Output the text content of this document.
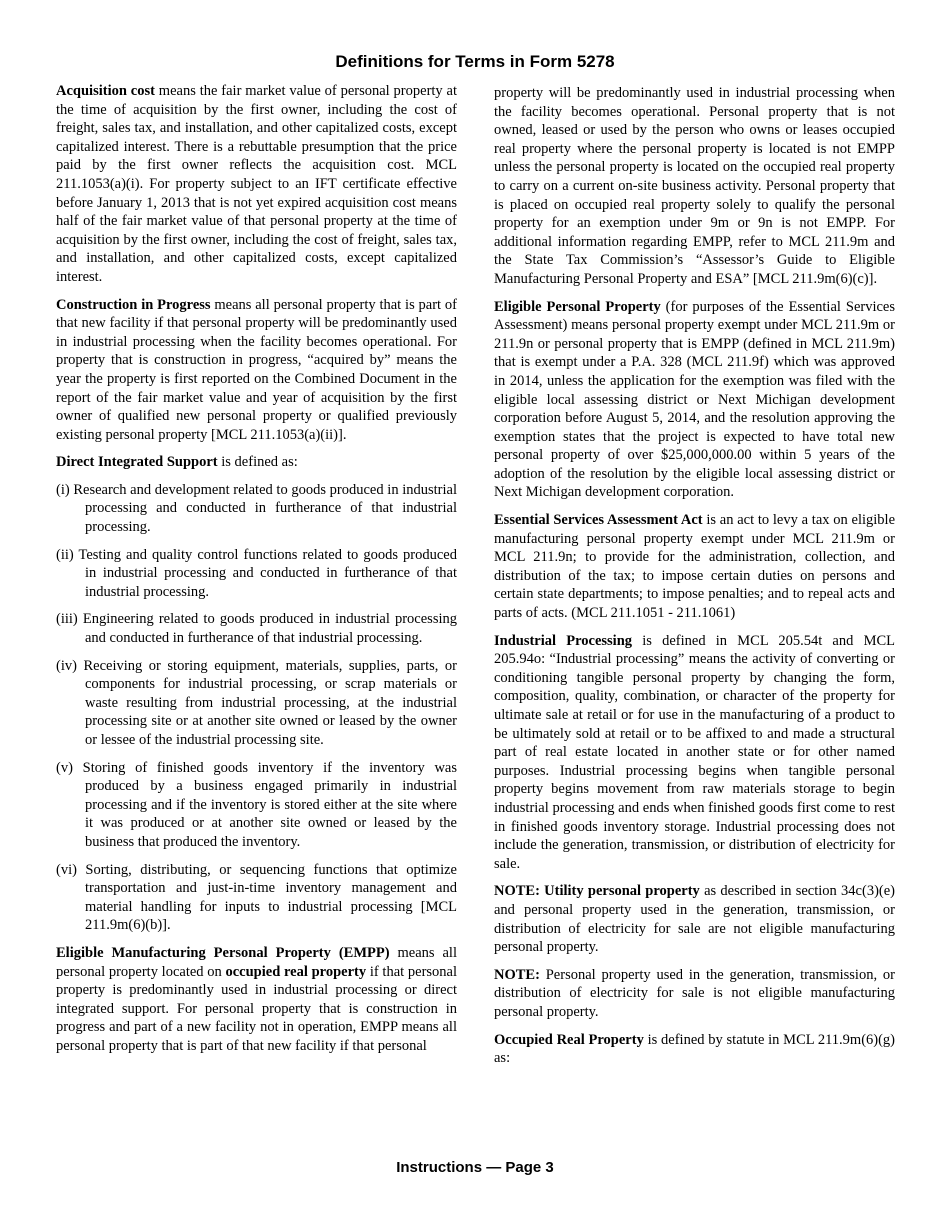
Definitions for Terms in Form 5278

Acquisition cost means the fair market value of personal property at the time of acquisition by the first owner, including the cost of freight, sales tax, and installation, and other capitalized costs, except capitalized interest. There is a rebuttable presumption that the price paid by the first owner reflects the acquisition cost. MCL 211.1053(a)(i). For property subject to an IFT certificate effective before January 1, 2013 that is not yet expired acquisition cost means half of the fair market value of that personal property at the time of acquisition by the first owner, including the cost of freight, sales tax, and installation, and other capitalized costs, except capitalized interest.

Construction in Progress means all personal property that is part of that new facility if that personal property will be predominantly used in industrial processing when the facility becomes operational. For property that is construction in progress, “acquired by” means the year the property is first reported on the Combined Document in the report of the fair market value and year of acquisition by the first owner of qualified new personal property or qualified previously existing personal property [MCL 211.1053(a)(ii)].

Direct Integrated Support is defined as:

(i) Research and development related to goods produced in industrial processing and conducted in furtherance of that industrial processing.

(ii) Testing and quality control functions related to goods produced in industrial processing and conducted in furtherance of that industrial processing.

(iii) Engineering related to goods produced in industrial processing and conducted in furtherance of that industrial processing.

(iv) Receiving or storing equipment, materials, supplies, parts, or components for industrial processing, or scrap materials or waste resulting from industrial processing, at the industrial processing site or at another site owned or leased by the owner or lessee of the industrial processing site.

(v) Storing of finished goods inventory if the inventory was produced by a business engaged primarily in industrial processing and if the inventory is stored either at the site where it was produced or at another site owned or leased by the business that produced the inventory.

(vi) Sorting, distributing, or sequencing functions that optimize transportation and just-in-time inventory management and material handling for inputs to industrial processing [MCL 211.9m(6)(b)].

Eligible Manufacturing Personal Property (EMPP) means all personal property located on occupied real property if that personal property is predominantly used in industrial processing or direct integrated support. For personal property that is construction in progress and part of a new facility not in operation, EMPP means all personal property that is part of that new facility if that personal

property will be predominantly used in industrial processing when the facility becomes operational. Personal property that is not owned, leased or used by the person who owns or leases occupied real property where the personal property is located is not EMPP unless the personal property is located on the occupied real property to carry on a current on-site business activity. Personal property that is placed on occupied real property solely to qualify the personal property for an exemption under 9m or 9n is not EMPP. For additional information regarding EMPP, refer to MCL 211.9m and the State Tax Commission’s “Assessor’s Guide to Eligible Manufacturing Personal Property and ESA” [MCL 211.9m(6)(c)].

Eligible Personal Property (for purposes of the Essential Services Assessment) means personal property exempt under MCL 211.9m or 211.9n or personal property that is EMPP (defined in MCL 211.9m) that is exempt under a P.A. 328 (MCL 211.9f) which was approved in 2014, unless the application for the exemption was filed with the eligible local assessing district or Next Michigan development corporation before August 5, 2014, and the resolution approving the exemption states that the project is expected to have total new personal property of over $25,000,000.00 within 5 years of the adoption of the resolution by the eligible local assessing district or Next Michigan development corporation.

Essential Services Assessment Act is an act to levy a tax on eligible manufacturing personal property exempt under MCL 211.9m or MCL 211.9n; to provide for the administration, collection, and distribution of the tax; to impose certain duties on persons and certain state departments; to impose penalties; and to repeal acts and parts of acts. (MCL 211.1051 - 211.1061)

Industrial Processing is defined in MCL 205.54t and MCL 205.94o: “Industrial processing” means the activity of converting or conditioning tangible personal property by changing the form, composition, quality, combination, or character of the property for ultimate sale at retail or for use in the manufacturing of a product to be ultimately sold at retail or to be affixed to and made a structural part of real estate located in another state or for other named purposes. Industrial processing begins when tangible personal property begins movement from raw materials storage to begin industrial processing and ends when finished goods first come to rest in finished goods inventory storage. Industrial processing does not include the generation, transmission, or distribution of electricity for sale.

NOTE: Utility personal property as described in section 34c(3)(e) and personal property used in the generation, transmission, or distribution of electricity for sale are not eligible manufacturing personal property.

NOTE: Personal property used in the generation, transmission, or distribution of electricity for sale is not eligible manufacturing personal property.

Occupied Real Property is defined by statute in MCL 211.9m(6)(g) as:

Instructions — Page 3
